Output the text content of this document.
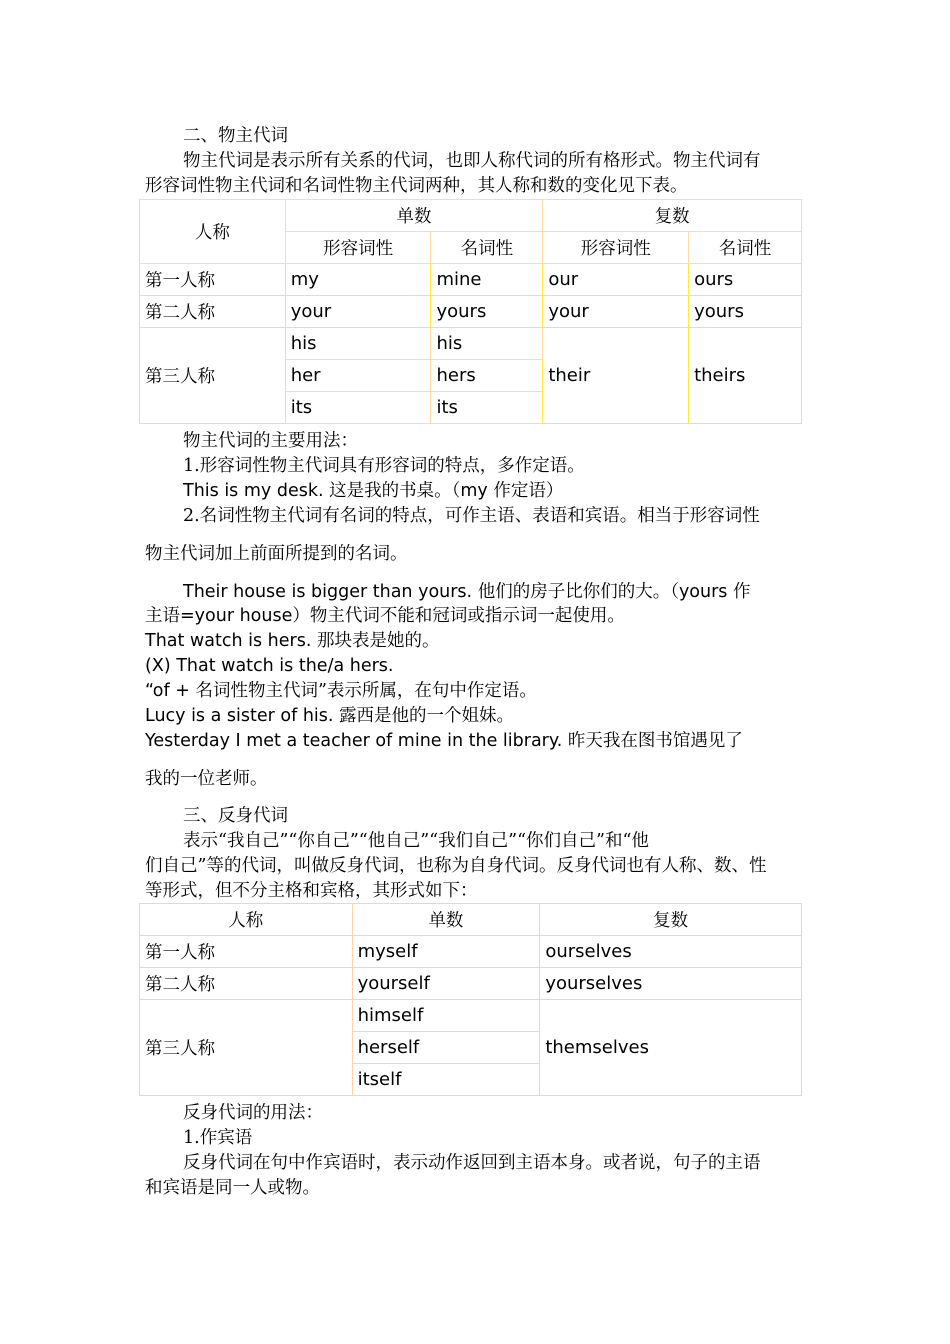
二、物主代词
物主代词是表示所有关系的代词，也即人称代词的所有格形式。物主代词有
形容词性物主代词和名词性物主代词两种，其人称和数的变化见下表。
人称	单数		复数	
	形容词性	名词性	形容词性	名词性
第一人称	my	mine	our	ours
第二人称	your	yours	your	yours
第三人称	his	his	their	theirs
	her	hers		
	its	its		
物主代词的主要用法：
1.形容词性物主代词具有形容词的特点，多作定语。
This is my desk. 这是我的书桌。（my 作定语）
2.名词性物主代词有名词的特点，可作主语、表语和宾语。相当于形容词性
物主代词加上前面所提到的名词。
Their house is bigger than yours. 他们的房子比你们的大。（yours 作
主语=your house）物主代词不能和冠词或指示词一起使用。
That watch is hers. 那块表是她的。
(X) That watch is the/a hers.
“of + 名词性物主代词”表示所属，在句中作定语。
Lucy is a sister of his. 露西是他的一个姐妹。
Yesterday I met a teacher of mine in the library. 昨天我在图书馆遇见了
我的一位老师。
三、反身代词
表示“我自己”“你自己”“他自己”“我们自己”“你们自己”和“他
们自己”等的代词，叫做反身代词，也称为自身代词。反身代词也有人称、数、性
等形式，但不分主格和宾格，其形式如下：
人称	单数	复数
第一人称	myself	ourselves
第二人称	yourself	yourselves
第三人称	himself	themselves
	herself	
	itself	
反身代词的用法：
1.作宾语
反身代词在句中作宾语时，表示动作返回到主语本身。或者说，句子的主语
和宾语是同一人或物。
